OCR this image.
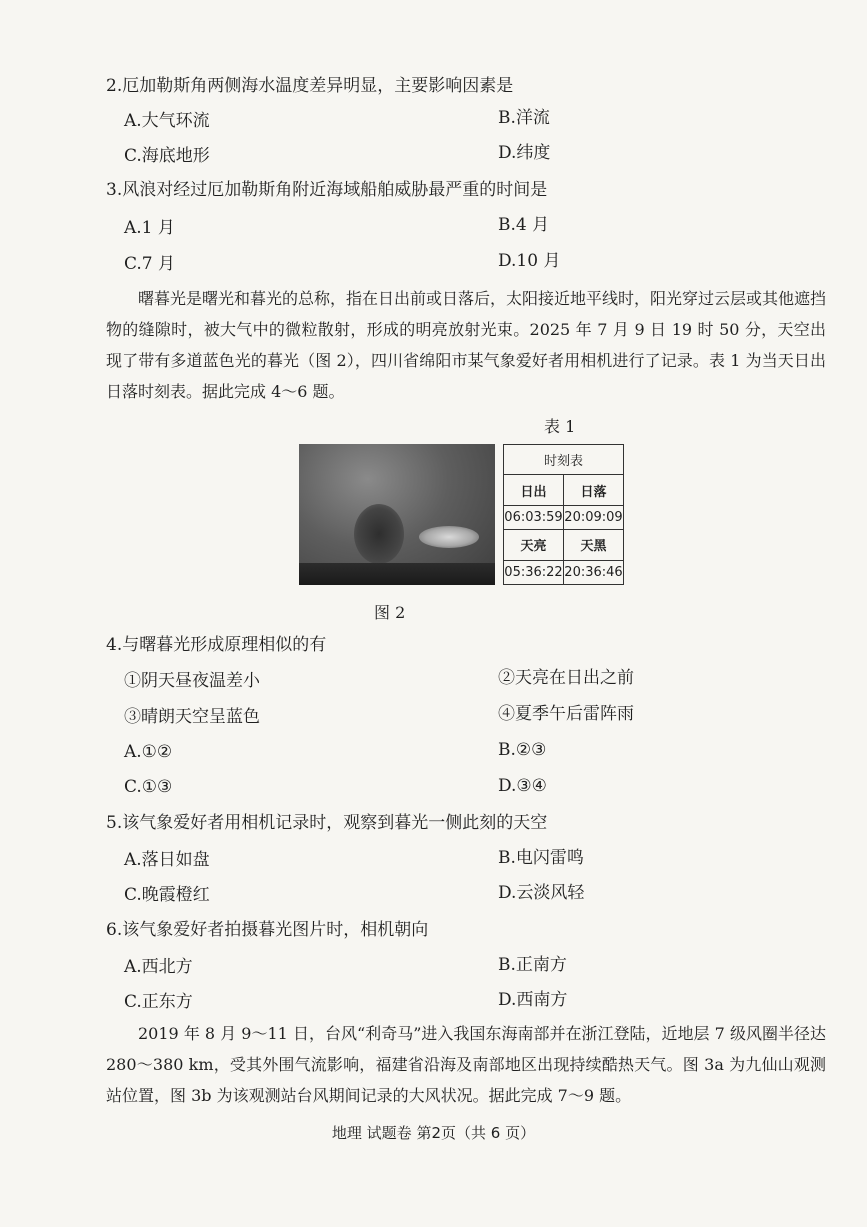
2.厄加勒斯角两侧海水温度差异明显，主要影响因素是
A.大气环流	B.洋流
C.海底地形	D.纬度
3.风浪对经过厄加勒斯角附近海域船舶威胁最严重的时间是
A.1 月	B.4 月
C.7 月	D.10 月
曙暮光是曙光和暮光的总称，指在日出前或日落后，太阳接近地平线时，阳光穿过云层或其他遮挡物的缝隙时，被大气中的微粒散射，形成的明亮放射光束。2025 年 7 月 9 日 19 时 50 分，天空出现了带有多道蓝色光的暮光（图 2），四川省绵阳市某气象爱好者用相机进行了记录。表 1 为当天日出日落时刻表。据此完成 4～6 题。
表 1
时刻表	
日出	日落
06:03:59	20:09:09
天亮	天黑
05:36:22	20:36:46
图 2
4.与曙暮光形成原理相似的有
①阴天昼夜温差小	②天亮在日出之前
③晴朗天空呈蓝色	④夏季午后雷阵雨
A.①②	B.②③
C.①③	D.③④
5.该气象爱好者用相机记录时，观察到暮光一侧此刻的天空
A.落日如盘	B.电闪雷鸣
C.晚霞橙红	D.云淡风轻
6.该气象爱好者拍摄暮光图片时，相机朝向
A.西北方	B.正南方
C.正东方	D.西南方
2019 年 8 月 9～11 日，台风“利奇马”进入我国东海南部并在浙江登陆，近地层 7 级风圈半径达 280～380 km，受其外围气流影响，福建省沿海及南部地区出现持续酷热天气。图 3a 为九仙山观测站位置，图 3b 为该观测站台风期间记录的大风状况。据此完成 7～9 题。
地理 试题卷 第2页（共 6 页）
